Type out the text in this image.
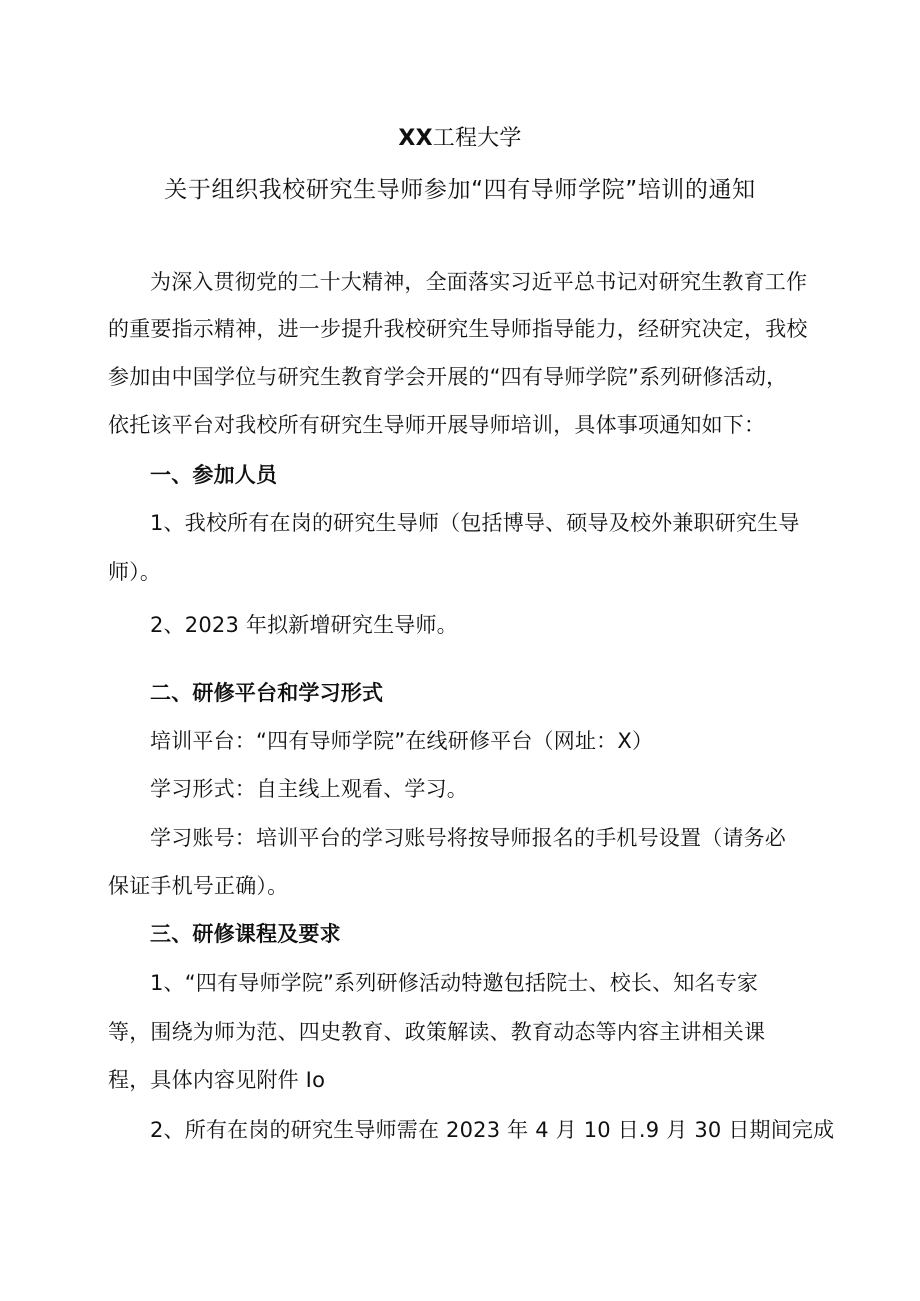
XX工程大学
关于组织我校研究生导师参加“四有导师学院”培训的通知
为深入贯彻党的二十大精神，全面落实习近平总书记对研究生教育工作
的重要指示精神，进一步提升我校研究生导师指导能力，经研究决定，我校
参加由中国学位与研究生教育学会开展的“四有导师学院”系列研修活动，
依托该平台对我校所有研究生导师开展导师培训，具体事项通知如下：
一、参加人员
1、我校所有在岗的研究生导师（包括博导、硕导及校外兼职研究生导
师）。
2、2023 年拟新增研究生导师。
二、研修平台和学习形式
培训平台：“四有导师学院”在线研修平台（网址：X）
学习形式：自主线上观看、学习。
学习账号：培训平台的学习账号将按导师报名的手机号设置（请务必
保证手机号正确）。
三、研修课程及要求
1、“四有导师学院”系列研修活动特邀包括院士、校长、知名专家
等，围绕为师为范、四史教育、政策解读、教育动态等内容主讲相关课
程，具体内容见附件 Io
2、所有在岗的研究生导师需在 2023 年 4 月 10 日.9 月 30 日期间完成
